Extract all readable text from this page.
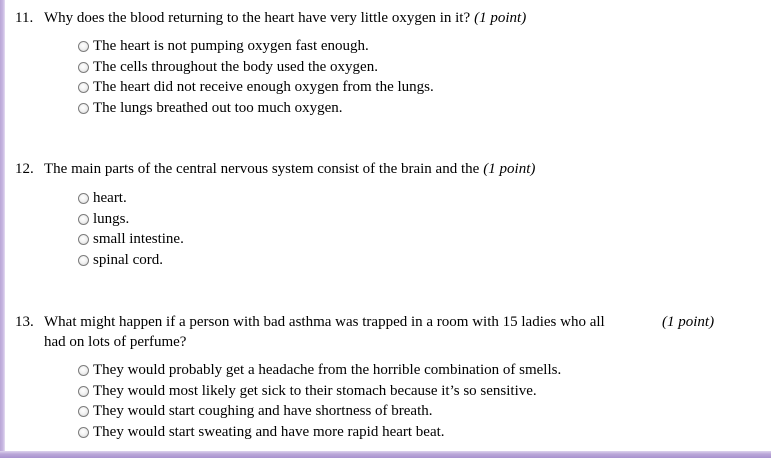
11. Why does the blood returning to the heart have very little oxygen in it? (1 point)
The heart is not pumping oxygen fast enough.
The cells throughout the body used the oxygen.
The heart did not receive enough oxygen from the lungs.
The lungs breathed out too much oxygen.
12. The main parts of the central nervous system consist of the brain and the (1 point)
heart.
lungs.
small intestine.
spinal cord.
13. What might happen if a person with bad asthma was trapped in a room with 15 ladies who all	(1 point)
had on lots of perfume?
They would probably get a headache from the horrible combination of smells.
They would most likely get sick to their stomach because it’s so sensitive.
They would start coughing and have shortness of breath.
They would start sweating and have more rapid heart beat.
